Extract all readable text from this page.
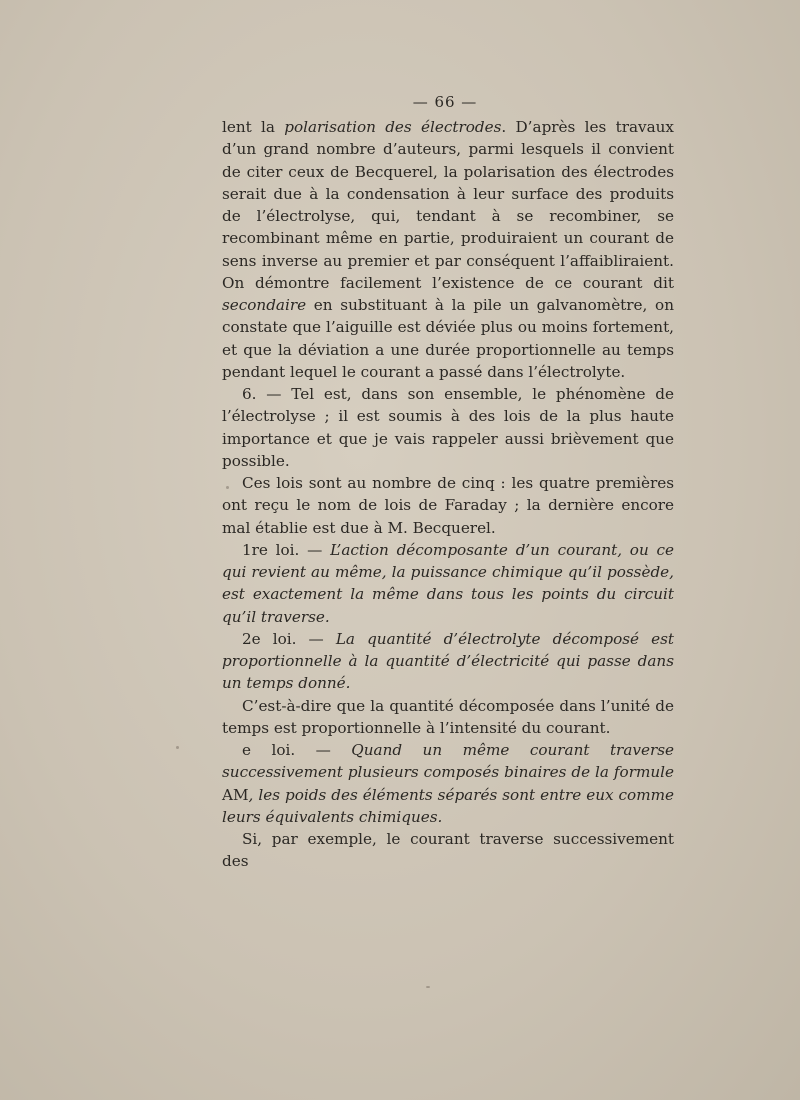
— 66 —

lent la polarisation des électrodes. D’après les travaux d’un grand nombre d’auteurs, parmi lesquels il convient de citer ceux de Becquerel, la polarisation des électrodes serait due à la condensation à leur surface des produits de l’électrolyse, qui, tendant à se recombiner, se recombinant même en partie, produiraient un courant de sens inverse au premier et par conséquent l’affaibliraient. On démontre facilement l’existence de ce courant dit secondaire en substituant à la pile un galvanomètre, on constate que l’aiguille est déviée plus ou moins fortement, et que la déviation a une durée proportionnelle au temps pendant lequel le courant a passé dans l’électrolyte.

6. — Tel est, dans son ensemble, le phénomène de l’électrolyse ; il est soumis à des lois de la plus haute importance et que je vais rappeler aussi brièvement que possible.

Ces lois sont au nombre de cinq : les quatre premières ont reçu le nom de lois de Faraday ; la dernière encore mal établie est due à M. Becquerel.

1re loi. — L’action décomposante d’un courant, ou ce qui revient au même, la puissance chimique qu’il possède, est exactement la même dans tous les points du circuit qu’il traverse.

2e loi. — La quantité d’électrolyte décomposé est proportionnelle à la quantité d’électricité qui passe dans un temps donné.

C’est-à-dire que la quantité décomposée dans l’unité de temps est proportionnelle à l’intensité du courant.

e loi. — Quand un même courant traverse successivement plusieurs composés binaires de la formule AM, les poids des éléments séparés sont entre eux comme leurs équivalents chimiques.

Si, par exemple, le courant traverse successivement des
